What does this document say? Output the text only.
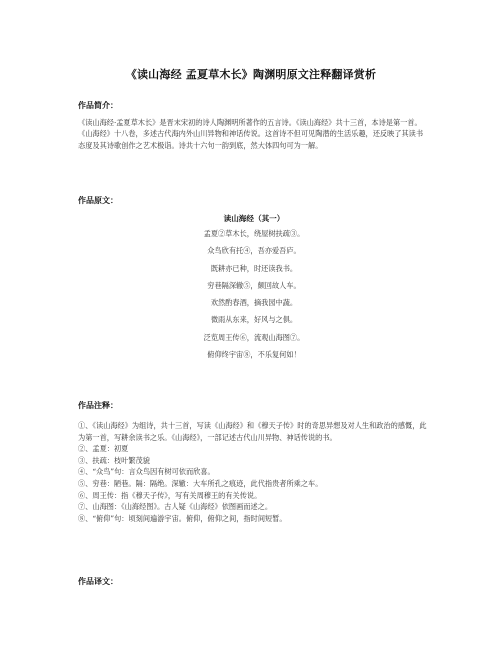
《读山海经 孟夏草木长》陶渊明原文注释翻译赏析
作品简介：
《读山海经·孟夏草木长》是晋末宋初的诗人陶渊明所著作的五言诗。《读山海经》共十三首，本诗是第一首。《山海经》十八卷，多述古代海内外山川异物和神话传说。这首诗不但可见陶潜的生活乐趣，还反映了其读书态度及其诗歌创作之艺术极诣。诗共十六句一韵到底，然大体四句可为一解。
作品原文：
读山海经（其一）
孟夏②草木长，绕屋树扶疏③。
众鸟欣有托④，吾亦爱吾庐。
既耕亦已种，时还读我书。
穷巷隔深辙⑤，颇回故人车。
欢然酌春酒，摘我园中蔬。
微雨从东来，好风与之俱。
泛览周王传⑥，流观山海图⑦。
俯仰终宇宙⑧，不乐复何如！
作品注释：
①、《读山海经》为组诗，共十三首，写读《山海经》和《穆天子传》时的奇思异想及对人生和政治的感慨，此为第一首，写耕余读书之乐。《山海经》，一部记述古代山川异物、神话传说的书。
②、孟夏：初夏
③、扶疏：枝叶繁茂貌
④、“众鸟”句：言众鸟因有树可依而欣喜。
⑤、穷巷：陋巷。隔：隔绝。深辙：大车所孔之痕迹，此代指贵者所乘之车。
⑥、周王传：指《穆天子传》，写有关周穆王的有关传说。
⑦、山海图：《山海经图》。古人疑《山海经》依图画而述之。
⑧、“俯仰”句：顷刻间遍游宇宙。俯仰，俯仰之间，指时间短暂。
作品译文：
